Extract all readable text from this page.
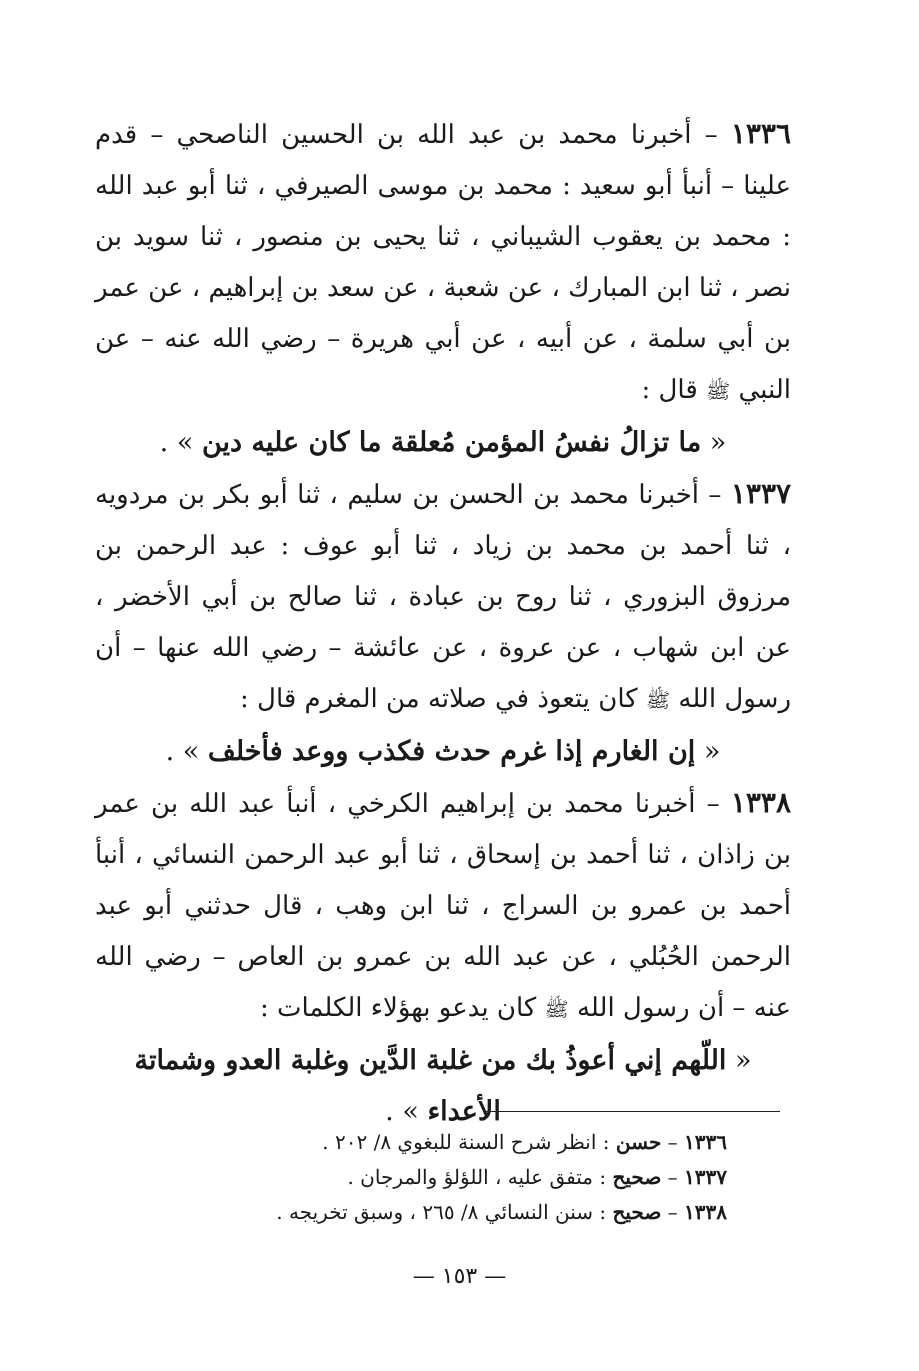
١٣٣٦ – أخبرنا محمد بن عبد الله بن الحسين الناصحي – قدم علينا – أنبأ أبو سعيد : محمد بن موسى الصيرفي ، ثنا أبو عبد الله : محمد بن يعقوب الشيباني ، ثنا يحيى بن منصور ، ثنا سويد بن نصر ، ثنا ابن المبارك ، عن شعبة ، عن سعد بن إبراهيم ، عن عمر بن أبي سلمة ، عن أبيه ، عن أبي هريرة – رضي الله عنه – عن النبي ﷺ قال :

« ما تزالُ نفسُ المؤمن مُعلقة ما كان عليه دين » .

١٣٣٧ – أخبرنا محمد بن الحسن بن سليم ، ثنا أبو بكر بن مردويه ، ثنا أحمد بن محمد بن زياد ، ثنا أبو عوف : عبد الرحمن بن مرزوق البزوري ، ثنا روح بن عبادة ، ثنا صالح بن أبي الأخضر ، عن ابن شهاب ، عن عروة ، عن عائشة – رضي الله عنها – أن رسول الله ﷺ كان يتعوذ في صلاته من المغرم قال :

« إن الغارم إذا غرم حدث فكذب ووعد فأخلف » .

١٣٣٨ – أخبرنا محمد بن إبراهيم الكرخي ، أنبأ عبد الله بن عمر بن زاذان ، ثنا أحمد بن إسحاق ، ثنا أبو عبد الرحمن النسائي ، أنبأ أحمد بن عمرو بن السراج ، ثنا ابن وهب ، قال حدثني أبو عبد الرحمن الحُبُلي ، عن عبد الله بن عمرو بن العاص – رضي الله عنه – أن رسول الله ﷺ كان يدعو بهؤلاء الكلمات :

« اللّهم إني أعوذُ بك من غلبة الدَّين وغلبة العدو وشماتة الأعداء » .

١٣٣٦ – حسن : انظر شرح السنة للبغوي ٨/ ٢٠٢ .

١٣٣٧ – صحيح : متفق عليه ، اللؤلؤ والمرجان .

١٣٣٨ – صحيح : سنن النسائي ٨/ ٢٦٥ ، وسبق تخريجه .

— ١٥٣ —
